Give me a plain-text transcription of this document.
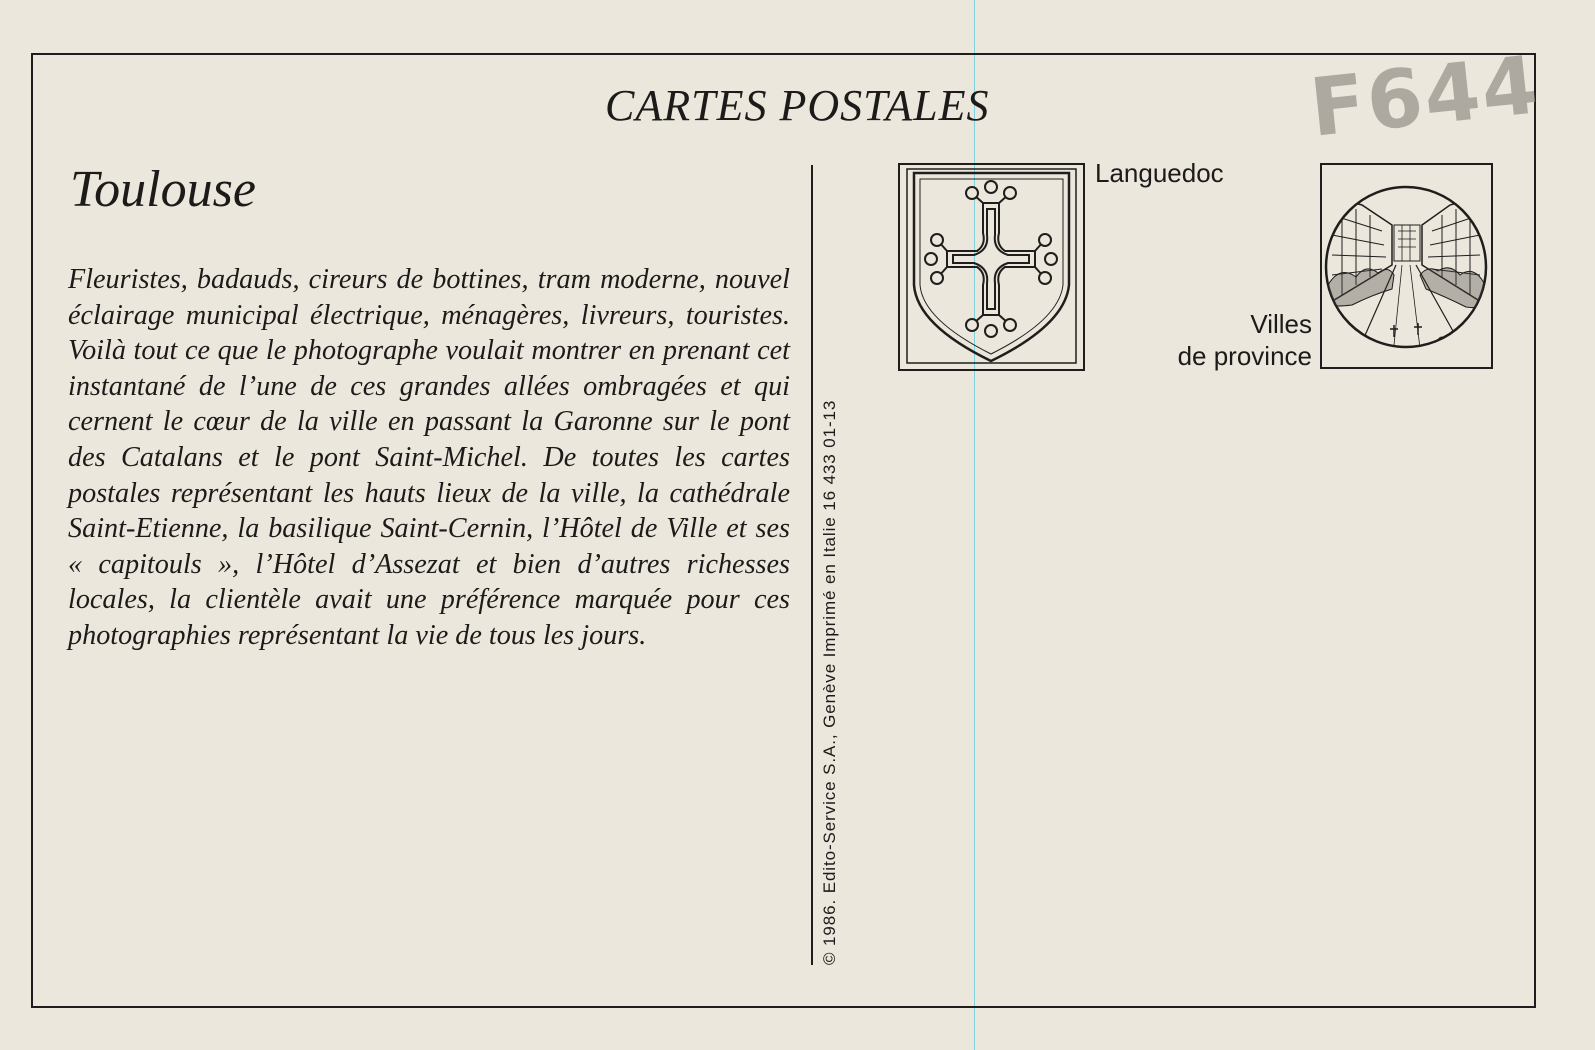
CARTES POSTALES	F644
Toulouse
Fleuristes, badauds, cireurs de bottines, tram moderne, nouvel éclairage municipal électrique, ménagères, livreurs, touristes. Voilà tout ce que le photographe voulait montrer en prenant cet instantané de l’une de ces grandes allées ombragées et qui cernent le cœur de la ville en passant la Garonne sur le pont des Catalans et le pont Saint-Michel. De toutes les cartes postales représentant les hauts lieux de la ville, la cathédrale Saint-Etienne, la basilique Saint-Cernin, l’Hôtel de Ville et ses « capitouls », l’Hôtel d’Assezat et bien d’autres richesses locales, la clientèle avait une préférence marquée pour ces photographies représentant la vie de tous les jours.	© 1986. Edito-Service S.A., Genève Imprimé en Italie 16 433 01-13
Languedoc
Villes
de province
